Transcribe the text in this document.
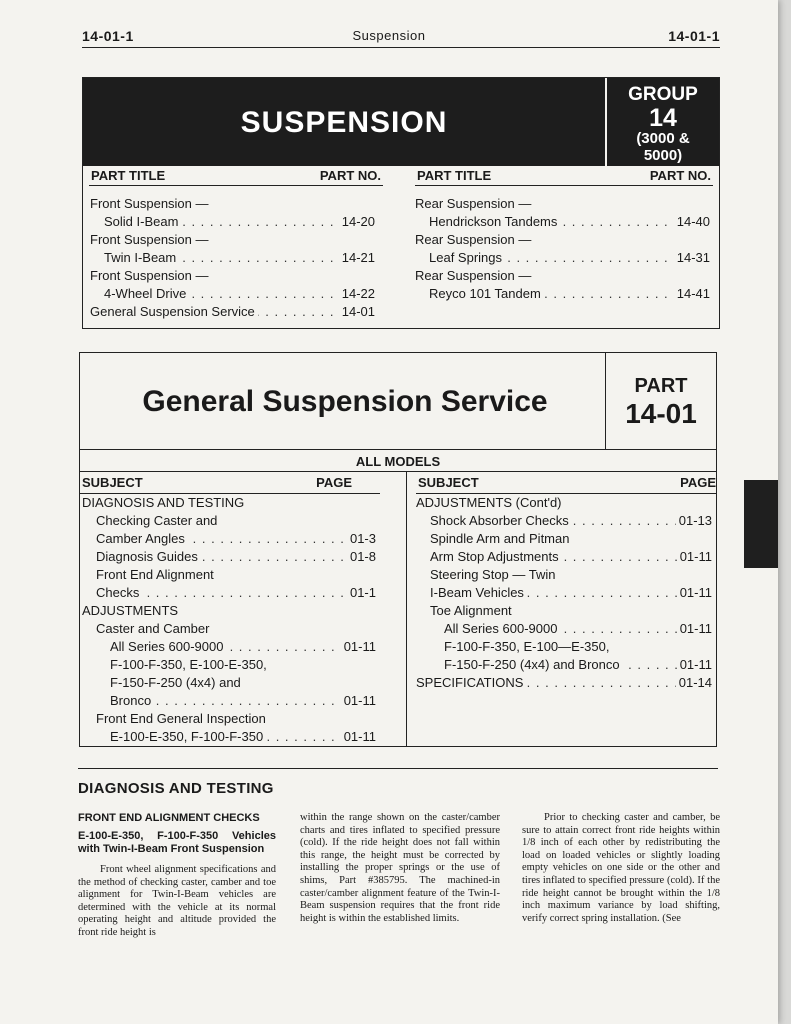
14-01-1	Suspension	14-01-1
SUSPENSION
GROUP
14
(3000 &
5000)
PART TITLE	PART NO.	PART TITLE	PART NO.
Front Suspension —
. . . Solid I-Beam	14-20
Front Suspension —
. . . Twin I-Beam	14-21
Front Suspension —
. . . 4-Wheel Drive	14-22
. . . General Suspension Service	14-01
Rear Suspension —
. . . Hendrickson Tandems	14-40
Rear Suspension —
. . . Leaf Springs	14-31
Rear Suspension —
. . . Reyco 101 Tandem	14-41
General Suspension Service	PART
14-01
ALL MODELS
SUBJECT	PAGE	SUBJECT	PAGE
DIAGNOSIS AND TESTING
Checking Caster and
. . . Camber Angles	01-3
. . . Diagnosis Guides	01-8
Front End Alignment
. . . Checks	01-1
ADJUSTMENTS
Caster and Camber
. . . All Series 600-9000	01-11
F-100-F-350, E-100-E-350,
F-150-F-250 (4x4) and
. . . Bronco	01-11
Front End General Inspection
. . . E-100-E-350, F-100-F-350	01-11
ADJUSTMENTS (Cont'd)
. . . Shock Absorber Checks	01-13
Spindle Arm and Pitman
. . . Arm Stop Adjustments	01-11
Steering Stop — Twin
. . . I-Beam Vehicles	01-11
Toe Alignment
. . . All Series 600-9000	01-11
F-100-F-350, E-100—E-350,
. . . F-150-F-250 (4x4) and Bronco	01-11
. . . SPECIFICATIONS	01-14
DIAGNOSIS AND TESTING

FRONT END ALIGNMENT CHECKS

E-100-E-350, F-100-F-350 Vehicles with Twin-I-Beam Front Suspension

Front wheel alignment specifications and the method of checking caster, camber and toe alignment for Twin-I-Beam vehicles are determined with the vehicle at its normal operating height and altitude provided the front ride height is

within the range shown on the caster/camber charts and tires inflated to specified pressure (cold). If the ride height does not fall within this range, the height must be corrected by installing the proper springs or the use of shims, Part #385795. The machined-in caster/camber alignment feature of the Twin-I-Beam suspension requires that the front ride height is within the established limits.

Prior to checking caster and camber, be sure to attain correct front ride heights within 1/8 inch of each other by redistributing the load on loaded vehicles or slightly loading empty vehicles on one side or the other and tires inflated to specified pressure (cold). If the ride height cannot be brought within the 1/8 inch maximum variance by load shifting, verify correct spring installation. (See
